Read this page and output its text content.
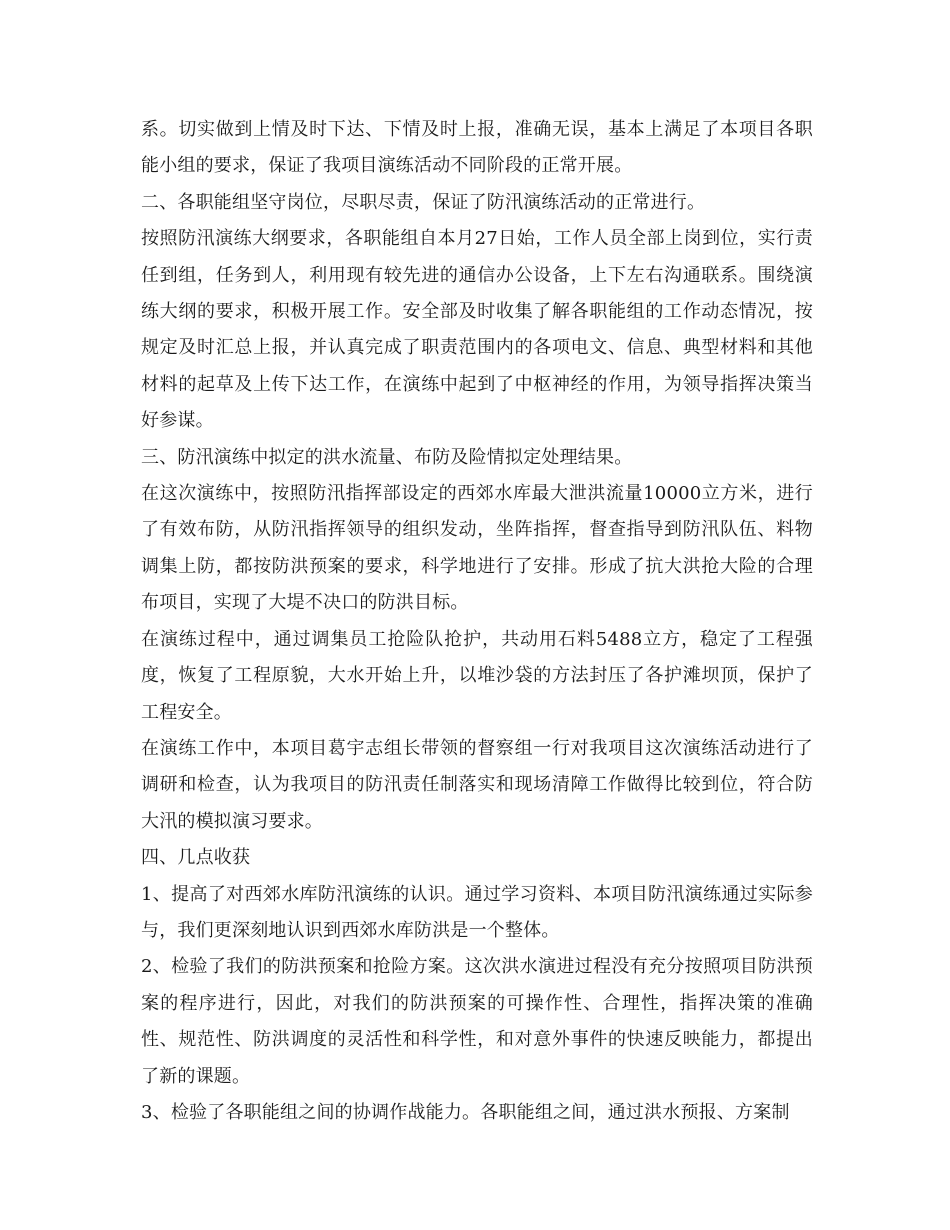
系。切实做到上情及时下达、下情及时上报，准确无误，基本上满足了本项目各职能小组的要求，保证了我项目演练活动不同阶段的正常开展。

二、各职能组坚守岗位，尽职尽责，保证了防汛演练活动的正常进行。

按照防汛演练大纲要求，各职能组自本月27日始，工作人员全部上岗到位，实行责任到组，任务到人，利用现有较先进的通信办公设备，上下左右沟通联系。围绕演练大纲的要求，积极开展工作。安全部及时收集了解各职能组的工作动态情况，按规定及时汇总上报，并认真完成了职责范围内的各项电文、信息、典型材料和其他材料的起草及上传下达工作，在演练中起到了中枢神经的作用，为领导指挥决策当好参谋。

三、防汛演练中拟定的洪水流量、布防及险情拟定处理结果。

在这次演练中，按照防汛指挥部设定的西郊水库最大泄洪流量10000立方米，进行了有效布防，从防汛指挥领导的组织发动，坐阵指挥，督查指导到防汛队伍、料物调集上防，都按防洪预案的要求，科学地进行了安排。形成了抗大洪抢大险的合理布项目，实现了大堤不决口的防洪目标。

在演练过程中，通过调集员工抢险队抢护，共动用石料5488立方，稳定了工程强度，恢复了工程原貌，大水开始上升，以堆沙袋的方法封压了各护滩坝顶，保护了工程安全。

在演练工作中，本项目葛宇志组长带领的督察组一行对我项目这次演练活动进行了调研和检查，认为我项目的防汛责任制落实和现场清障工作做得比较到位，符合防大汛的模拟演习要求。

四、几点收获

1、提高了对西郊水库防汛演练的认识。通过学习资料、本项目防汛演练通过实际参与，我们更深刻地认识到西郊水库防洪是一个整体。

2、检验了我们的防洪预案和抢险方案。这次洪水演进过程没有充分按照项目防洪预案的程序进行，因此，对我们的防洪预案的可操作性、合理性，指挥决策的准确性、规范性、防洪调度的灵活性和科学性，和对意外事件的快速反映能力，都提出了新的课题。

3、检验了各职能组之间的协调作战能力。各职能组之间，通过洪水预报、方案制
